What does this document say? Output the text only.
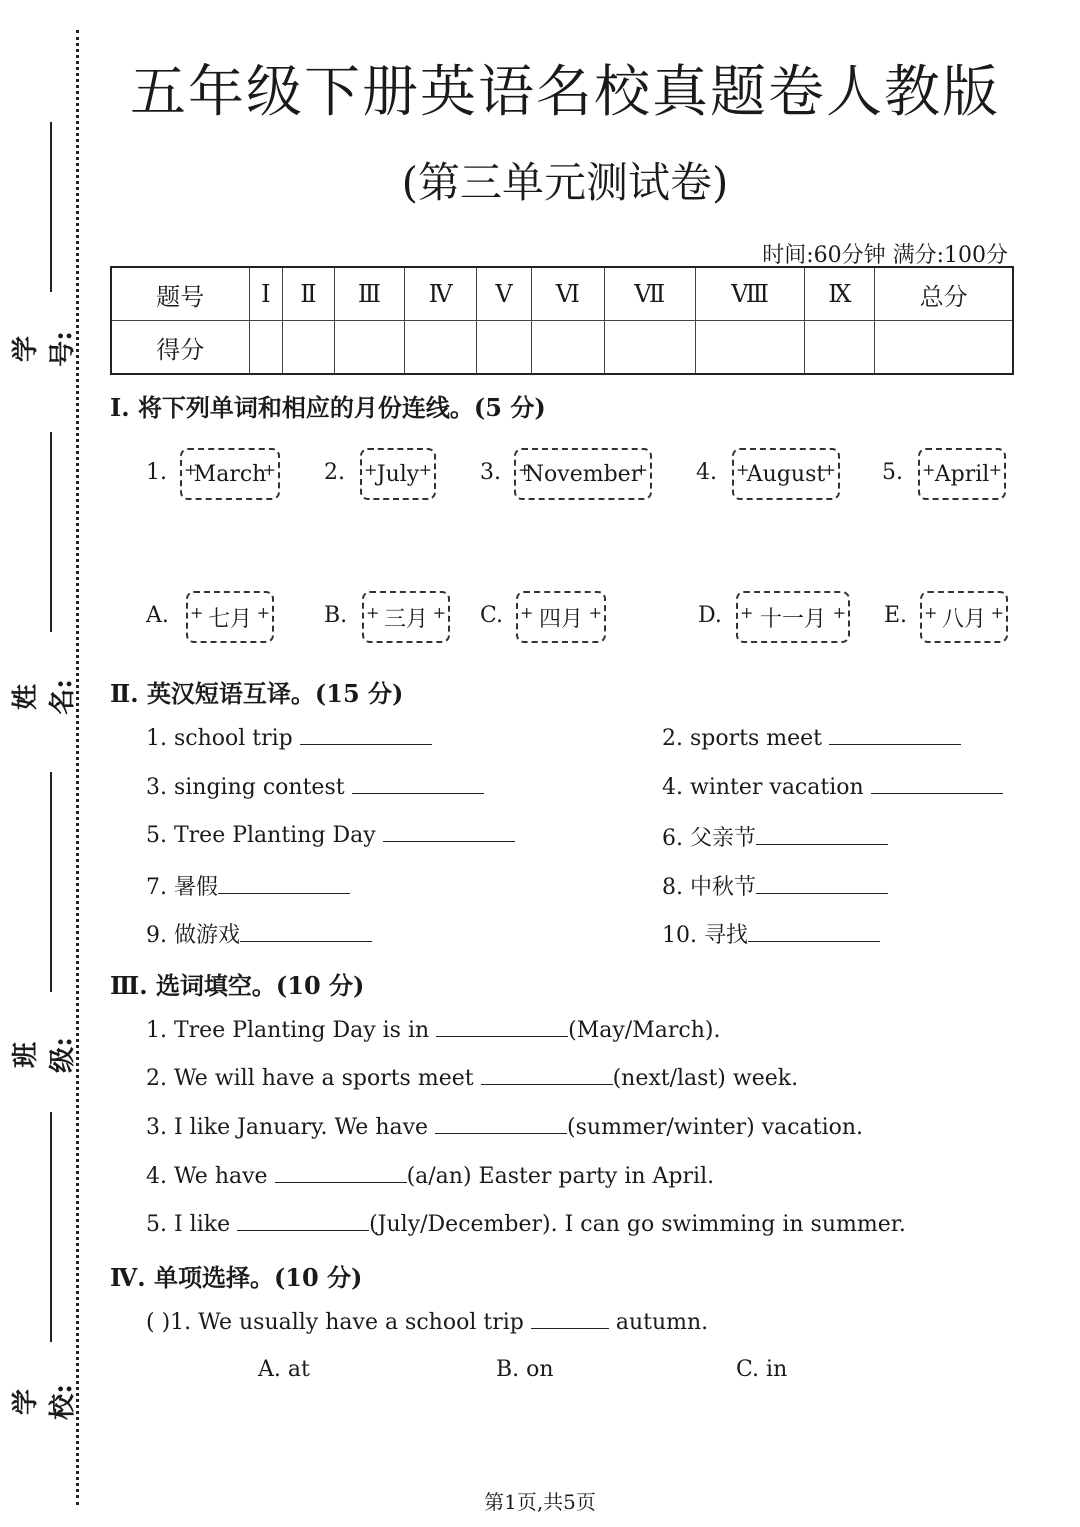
学号:
姓名:
班级:
学校:
五年级下册英语名校真题卷人教版
(第三单元测试卷)
时间:60分钟 满分:100分
题号	Ⅰ	Ⅱ	Ⅲ	Ⅳ	Ⅴ	Ⅵ	Ⅶ	Ⅷ	Ⅸ	总分
得分										
Ⅰ. 将下列单词和相应的月份连线。(5 分)
1.	+ March +	2.	+ July +	3.	+ November +	4.	+ August +	5.	+ April +
A.	+ 七月 +	B.	+ 三月 +	C.	+ 四月 +	D.	+ 十一月 +	E.	+ 八月 +
Ⅱ. 英汉短语互译。(15 分)
1. school trip	2. sports meet
3. singing contest	4. winter vacation
5. Tree Planting Day	6. 父亲节
7. 暑假	8. 中秋节
9. 做游戏	10. 寻找
Ⅲ. 选词填空。(10 分)
1. Tree Planting Day is in	(May/March).
2. We will have a sports meet	(next/last) week.
3. I like January. We have	(summer/winter) vacation.
4. We have	(a/an) Easter party in April.
5. I like	(July/December). I can go swimming in summer.
Ⅳ. 单项选择。(10 分)
( )1. We usually have a school trip	autumn.
A. at	B. on	C. in
第1页,共5页
